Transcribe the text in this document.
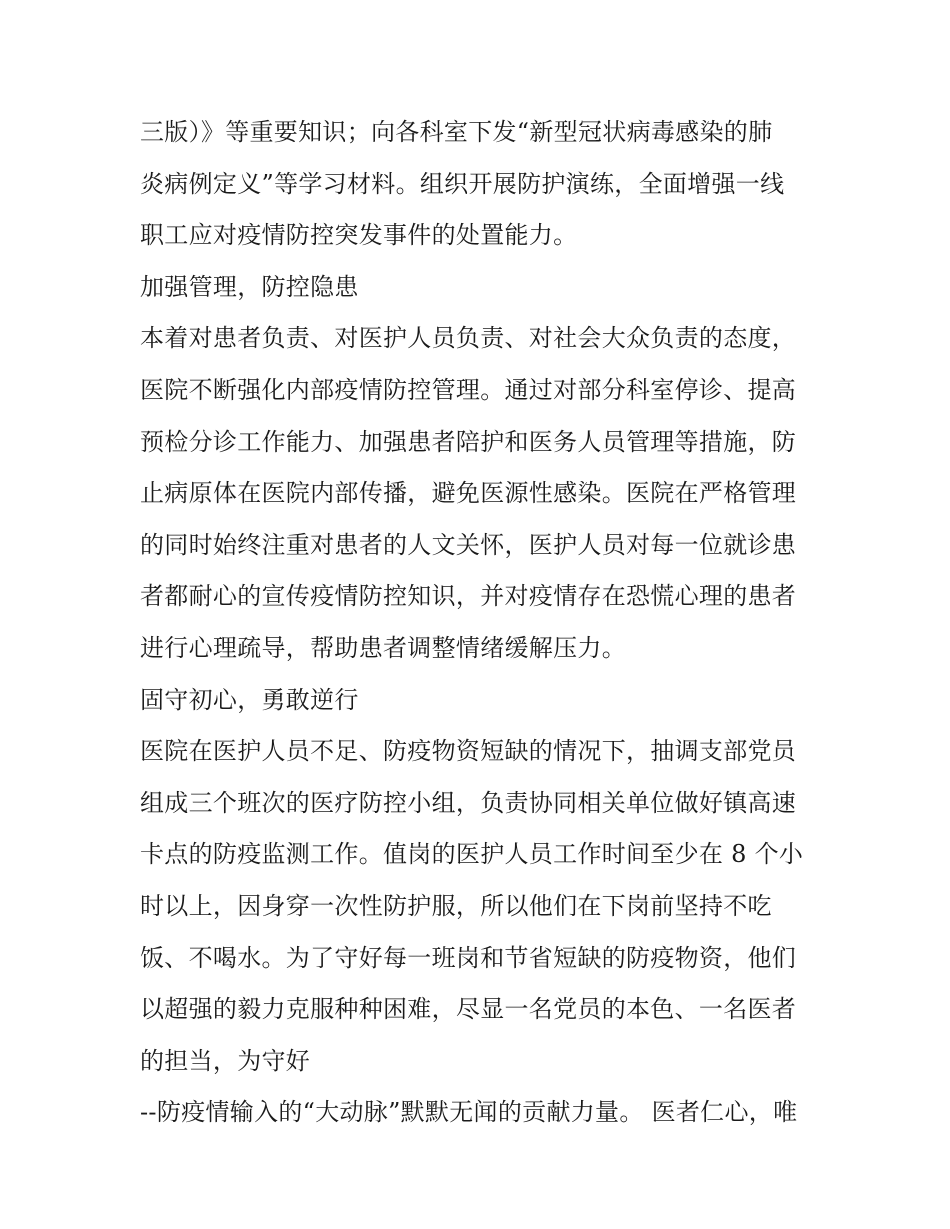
三版）》等重要知识；向各科室下发“新型冠状病毒感染的肺
炎病例定义”等学习材料。组织开展防护演练，全面增强一线
职工应对疫情防控突发事件的处置能力。
加强管理，防控隐患
本着对患者负责、对医护人员负责、对社会大众负责的态度，
医院不断强化内部疫情防控管理。通过对部分科室停诊、提高
预检分诊工作能力、加强患者陪护和医务人员管理等措施，防
止病原体在医院内部传播，避免医源性感染。医院在严格管理
的同时始终注重对患者的人文关怀，医护人员对每一位就诊患
者都耐心的宣传疫情防控知识，并对疫情存在恐慌心理的患者
进行心理疏导，帮助患者调整情绪缓解压力。
固守初心，勇敢逆行
医院在医护人员不足、防疫物资短缺的情况下，抽调支部党员
组成三个班次的医疗防控小组，负责协同相关单位做好镇高速
卡点的防疫监测工作。值岗的医护人员工作时间至少在 8 个小
时以上，因身穿一次性防护服，所以他们在下岗前坚持不吃
饭、不喝水。为了守好每一班岗和节省短缺的防疫物资，他们
以超强的毅力克服种种困难，尽显一名党员的本色、一名医者
的担当，为守好
--防疫情输入的“大动脉”默默无闻的贡献力量。 医者仁心，唯
